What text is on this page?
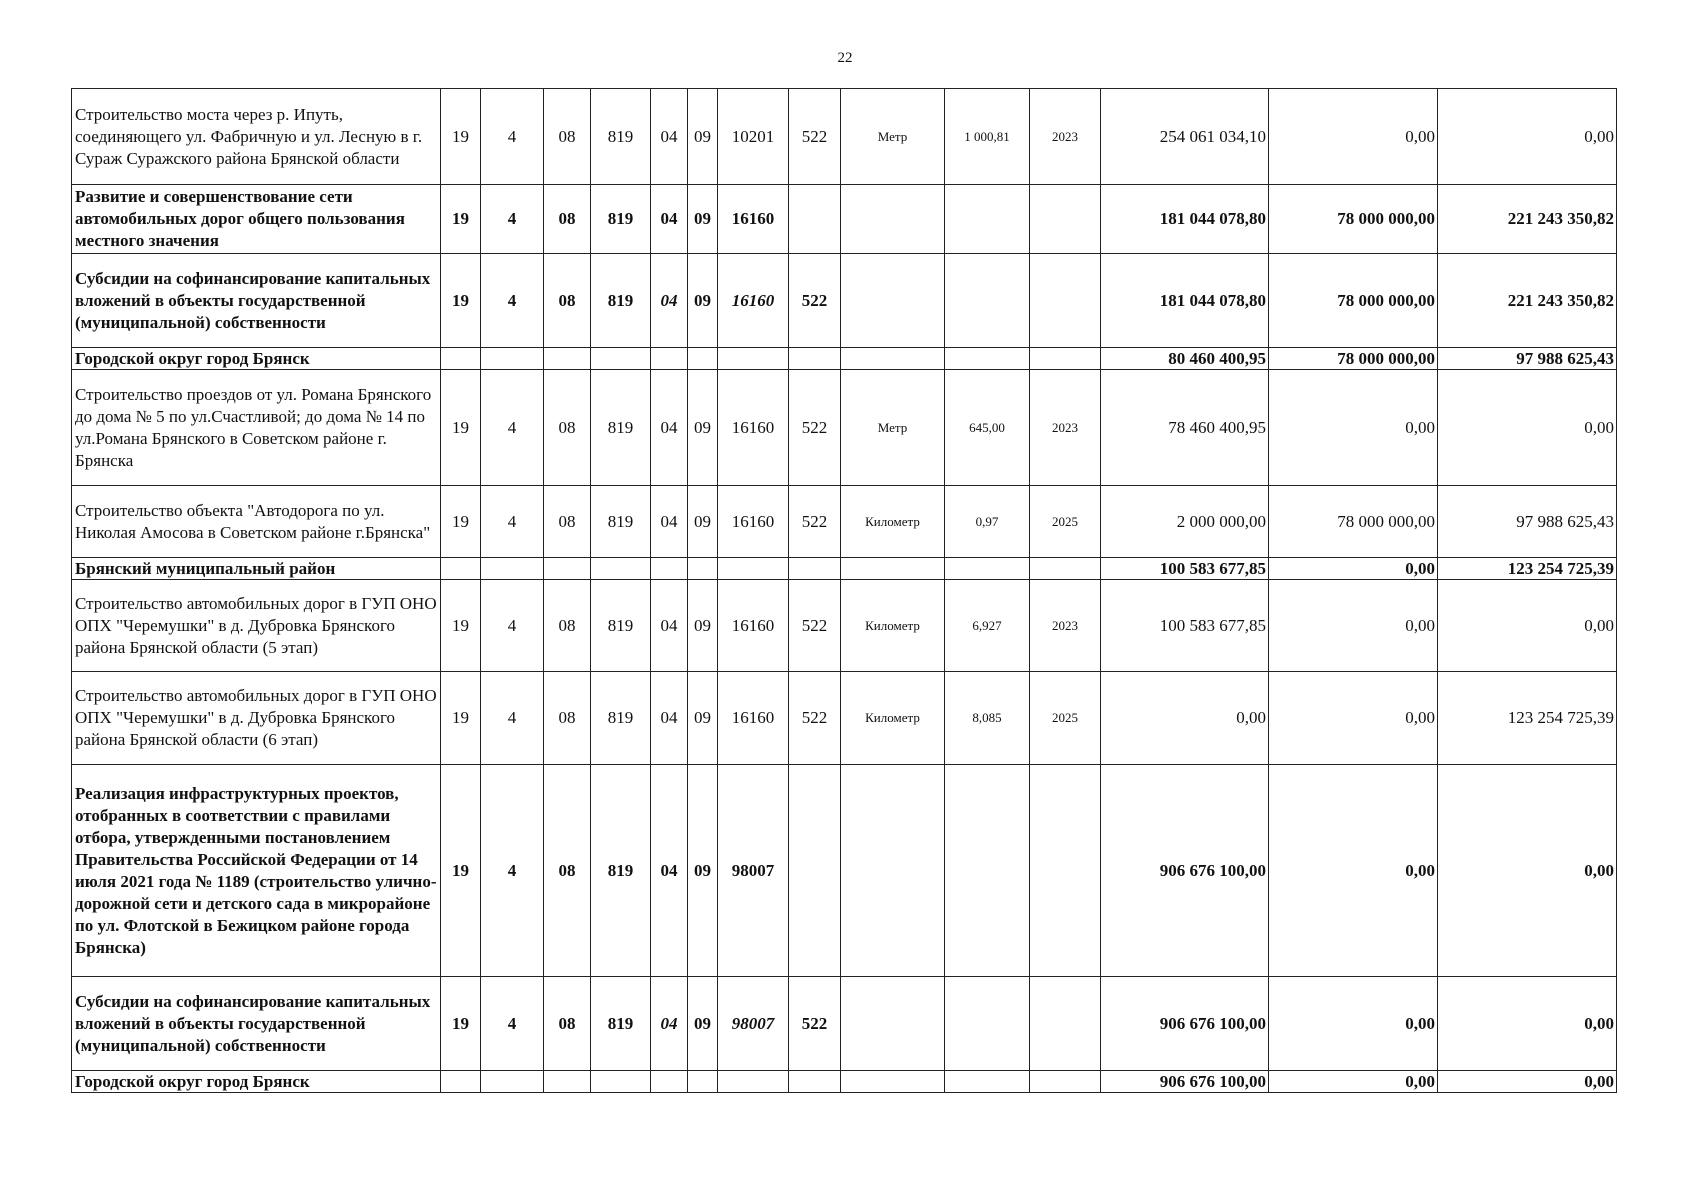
22
Строительство моста через р. Ипуть, соединяющего ул. Фабричную и ул. Лесную в г. Сураж Суражского района Брянской области	19	4	08	819	04	09	10201	522	Метр	1 000,81	2023	254 061 034,10	0,00	0,00
Развитие и совершенствование сети автомобильных дорог общего пользования местного значения	19	4	08	819	04	09	16160					181 044 078,80	78 000 000,00	221 243 350,82
Субсидии на софинансирование капитальных вложений в объекты государственной (муниципальной) собственности	19	4	08	819	04	09	16160	522				181 044 078,80	78 000 000,00	221 243 350,82
Городской округ город Брянск												80 460 400,95	78 000 000,00	97 988 625,43
Строительство проездов от ул. Романа Брянского до дома № 5 по ул.Счастливой; до дома № 14 по ул.Романа Брянского в Советском районе г. Брянска	19	4	08	819	04	09	16160	522	Метр	645,00	2023	78 460 400,95	0,00	0,00
Строительство объекта "Автодорога по ул. Николая Амосова в Советском районе г.Брянска"	19	4	08	819	04	09	16160	522	Километр	0,97	2025	2 000 000,00	78 000 000,00	97 988 625,43
Брянский муниципальный район												100 583 677,85	0,00	123 254 725,39
Строительство автомобильных дорог в ГУП ОНО ОПХ "Черемушки" в д. Дубровка Брянского района Брянской области (5 этап)	19	4	08	819	04	09	16160	522	Километр	6,927	2023	100 583 677,85	0,00	0,00
Строительство автомобильных дорог в ГУП ОНО ОПХ "Черемушки" в д. Дубровка Брянского района Брянской области (6 этап)	19	4	08	819	04	09	16160	522	Километр	8,085	2025	0,00	0,00	123 254 725,39
Реализация инфраструктурных проектов, отобранных в соответствии с правилами отбора, утвержденными постановлением Правительства Российской Федерации от 14 июля 2021 года № 1189 (строительство улично-дорожной сети и детского сада в микрорайоне по ул. Флотской в Бежицком районе города Брянска)	19	4	08	819	04	09	98007					906 676 100,00	0,00	0,00
Субсидии на софинансирование капитальных вложений в объекты государственной (муниципальной) собственности	19	4	08	819	04	09	98007	522				906 676 100,00	0,00	0,00
Городской округ город Брянск												906 676 100,00	0,00	0,00
